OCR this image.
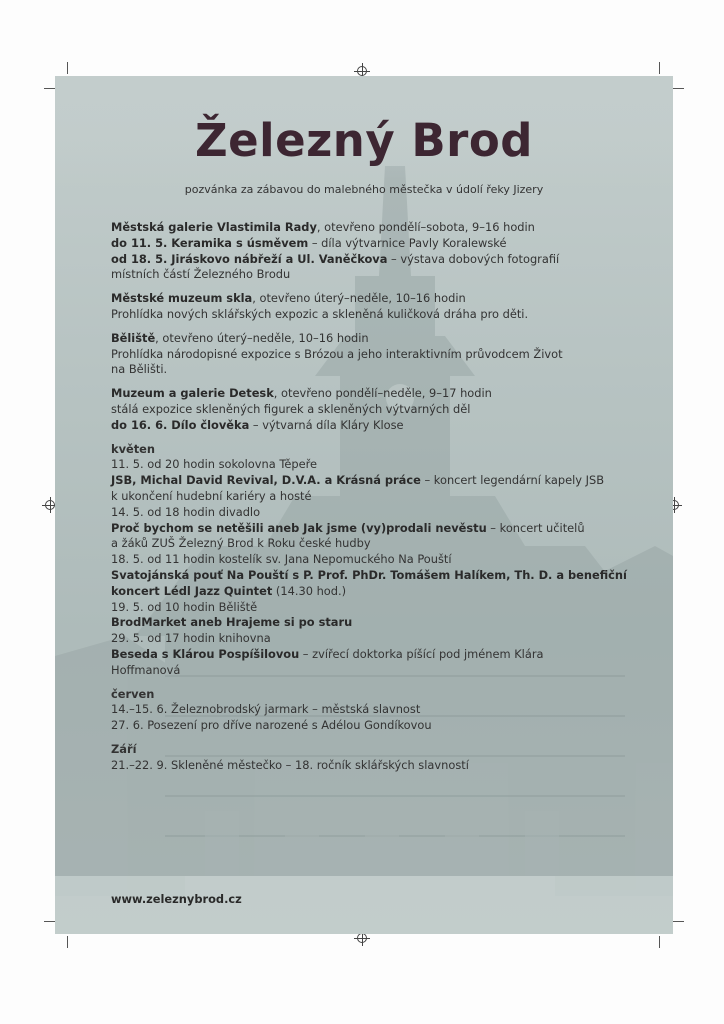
Železný Brod
pozvánka za zábavou do malebného městečka v údolí řeky Jizery
Městská galerie Vlastimila Rady, otevřeno pondělí–sobota, 9–16 hodin
do 11. 5. Keramika s úsměvem – díla výtvarnice Pavly Koralewské
od 18. 5. Jiráskovo nábřeží a Ul. Vaněčkova – výstava dobových fotografií
místních částí Železného Brodu
Městské muzeum skla, otevřeno úterý–neděle, 10–16 hodin
Prohlídka nových sklářských expozic a skleněná kuličková dráha pro děti.
Běliště, otevřeno úterý–neděle, 10–16 hodin
Prohlídka národopisné expozice s Brózou a jeho interaktivním průvodcem Život
na Bělišti.
Muzeum a galerie Detesk, otevřeno pondělí–neděle, 9–17 hodin
stálá expozice skleněných figurek a skleněných výtvarných děl
do 16. 6. Dílo člověka – výtvarná díla Kláry Klose
květen
11. 5. od 20 hodin sokolovna Těpeře
JSB, Michal David Revival, D.V.A. a Krásná práce – koncert legendární kapely JSB
k ukončení hudební kariéry a hosté
14. 5. od 18 hodin divadlo
Proč bychom se netěšili aneb Jak jsme (vy)prodali nevěstu – koncert učitelů
a žáků ZUŠ Železný Brod k Roku české hudby
18. 5. od 11 hodin kostelík sv. Jana Nepomuckého Na Pouští
Svatojánská pouť Na Pouští s P. Prof. PhDr. Tomášem Halíkem, Th. D. a benefiční
koncert Lédl Jazz Quintet (14.30 hod.)
19. 5. od 10 hodin Běliště
BrodMarket aneb Hrajeme si po staru
29. 5. od 17 hodin knihovna
Beseda s Klárou Pospíšilovou – zvířecí doktorka píšící pod jménem Klára
Hoffmanová
červen
14.–15. 6. Železnobrodský jarmark – městská slavnost
27. 6. Posezení pro dříve narozené s Adélou Gondíkovou
Září
21.–22. 9. Skleněné městečko – 18. ročník sklářských slavností
www.zeleznybrod.cz
